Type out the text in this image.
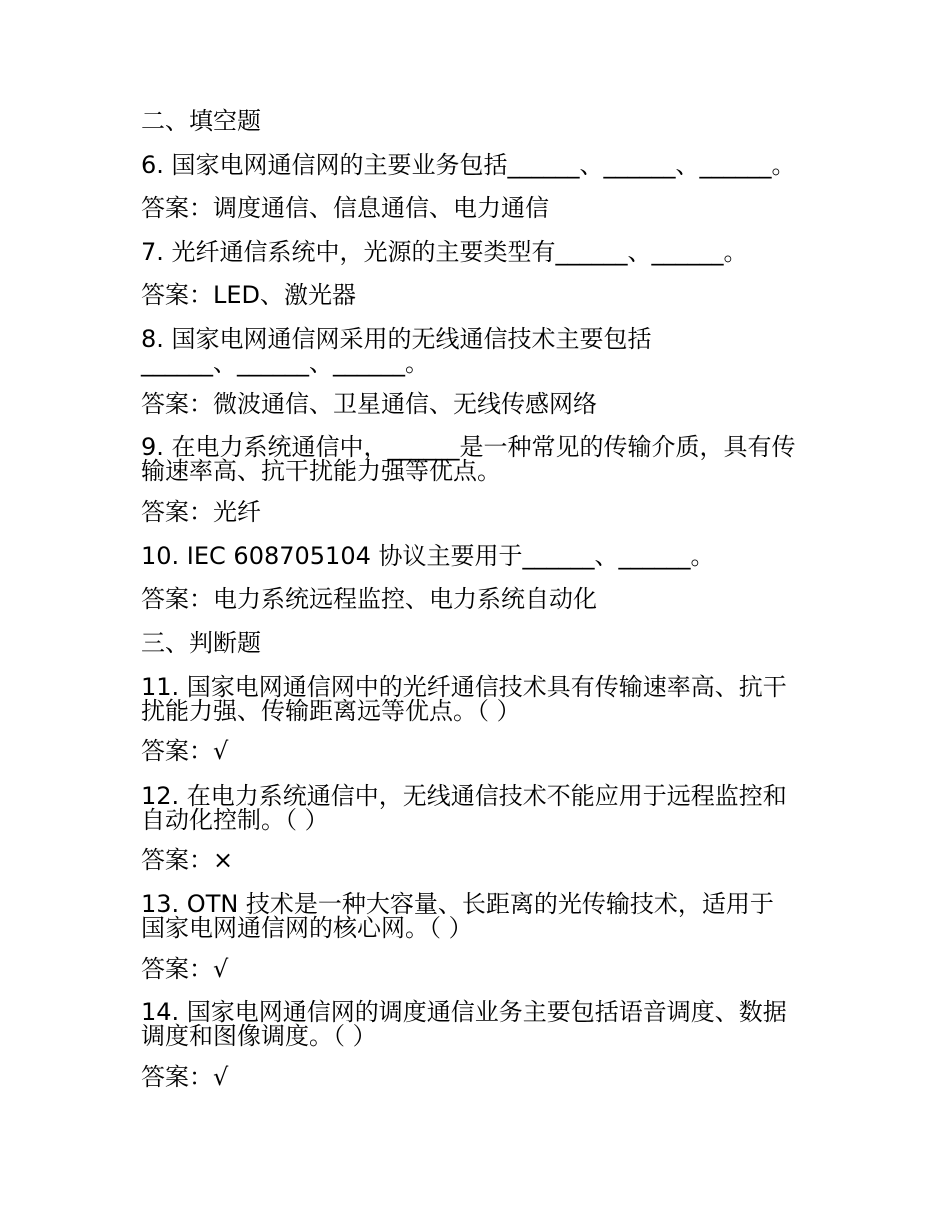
二、填空题
6. 国家电网通信网的主要业务包括______、______、______。
答案：调度通信、信息通信、电力通信
7. 光纤通信系统中，光源的主要类型有______、______。
答案：LED、激光器
8. 国家电网通信网采用的无线通信技术主要包括
______、______、______。
答案：微波通信、卫星通信、无线传感网络
9. 在电力系统通信中，______是一种常见的传输介质，具有传
输速率高、抗干扰能力强等优点。
答案：光纤
10. IEC 608705104 协议主要用于______、______。
答案：电力系统远程监控、电力系统自动化
三、判断题
11. 国家电网通信网中的光纤通信技术具有传输速率高、抗干
扰能力强、传输距离远等优点。（ ）
答案：√
12. 在电力系统通信中，无线通信技术不能应用于远程监控和
自动化控制。（ ）
答案：×
13. OTN 技术是一种大容量、长距离的光传输技术，适用于
国家电网通信网的核心网。（ ）
答案：√
14. 国家电网通信网的调度通信业务主要包括语音调度、数据
调度和图像调度。（ ）
答案：√
